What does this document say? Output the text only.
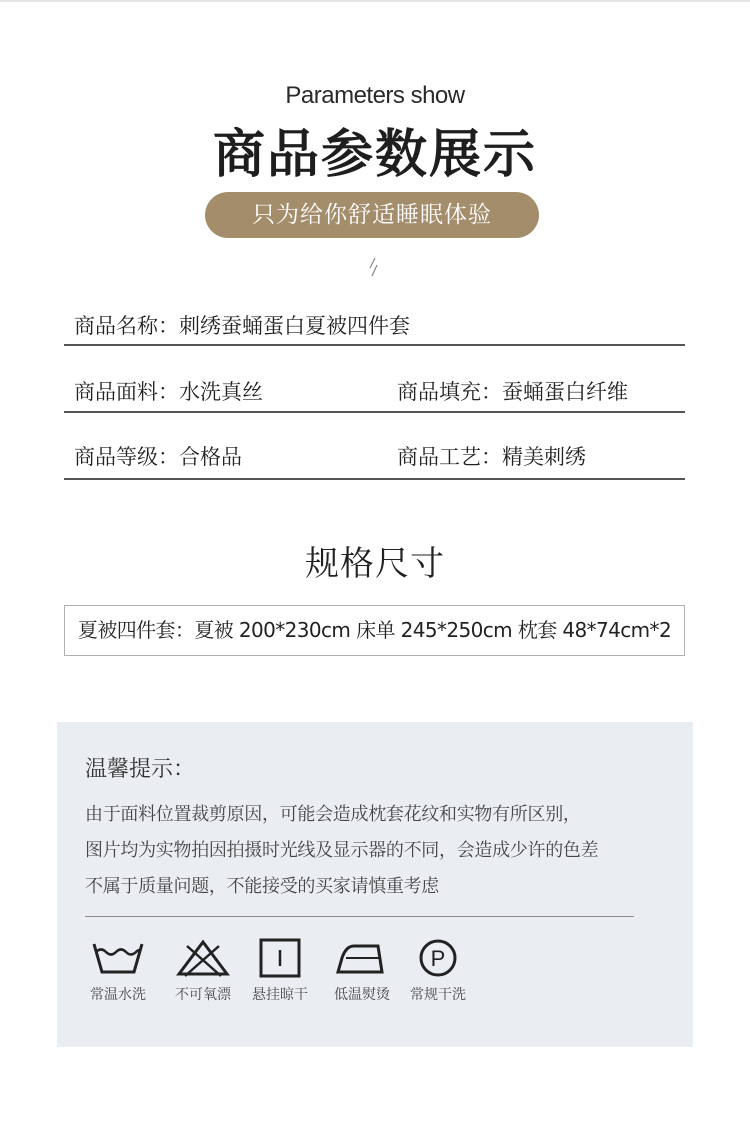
Parameters show
商品参数展示
只为给你舒适睡眠体验
商品名称：刺绣蚕蛹蛋白夏被四件套
商品面料：水洗真丝	商品填充：蚕蛹蛋白纤维
商品等级：合格品	商品工艺：精美刺绣
规格尺寸
夏被四件套：夏被 200*230cm 床单 245*250cm 枕套 48*74cm*2
温馨提示：
由于面料位置裁剪原因，可能会造成枕套花纹和实物有所区别，
图片均为实物拍因拍摄时光线及显示器的不同，会造成少许的色差
不属于质量问题，不能接受的买家请慎重考虑
常温水洗	不可氧漂	悬挂晾干	低温熨烫
P
常规干洗
